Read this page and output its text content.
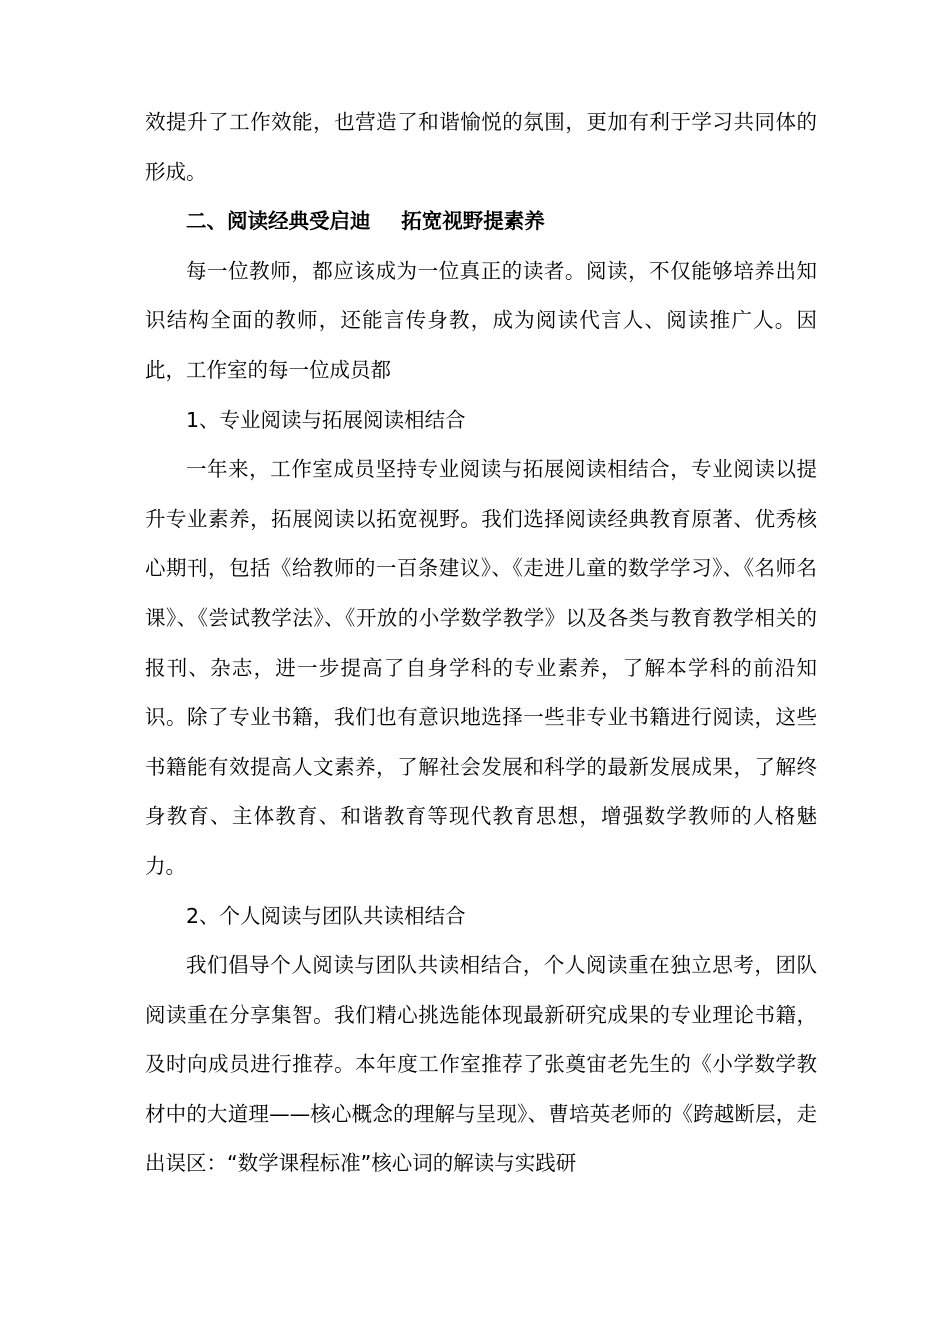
效提升了工作效能，也营造了和谐愉悦的氛围，更加有利于学习共同体的形成。

二、阅读经典受启迪 拓宽视野提素养

每一位教师，都应该成为一位真正的读者。阅读，不仅能够培养出知识结构全面的教师，还能言传身教，成为阅读代言人、阅读推广人。因此，工作室的每一位成员都

1、专业阅读与拓展阅读相结合

一年来，工作室成员坚持专业阅读与拓展阅读相结合，专业阅读以提升专业素养，拓展阅读以拓宽视野。我们选择阅读经典教育原著、优秀核心期刊，包括《给教师的一百条建议》、《走进儿童的数学学习》、《名师名课》、《尝试教学法》、《开放的小学数学教学》以及各类与教育教学相关的报刊、杂志，进一步提高了自身学科的专业素养，了解本学科的前沿知识。除了专业书籍，我们也有意识地选择一些非专业书籍进行阅读，这些书籍能有效提高人文素养，了解社会发展和科学的最新发展成果，了解终身教育、主体教育、和谐教育等现代教育思想，增强数学教师的人格魅力。

2、个人阅读与团队共读相结合

我们倡导个人阅读与团队共读相结合，个人阅读重在独立思考，团队阅读重在分享集智。我们精心挑选能体现最新研究成果的专业理论书籍，及时向成员进行推荐。本年度工作室推荐了张奠宙老先生的《小学数学教材中的大道理——核心概念的理解与呈现》、曹培英老师的《跨越断层，走出误区：“数学课程标准”核心词的解读与实践研
